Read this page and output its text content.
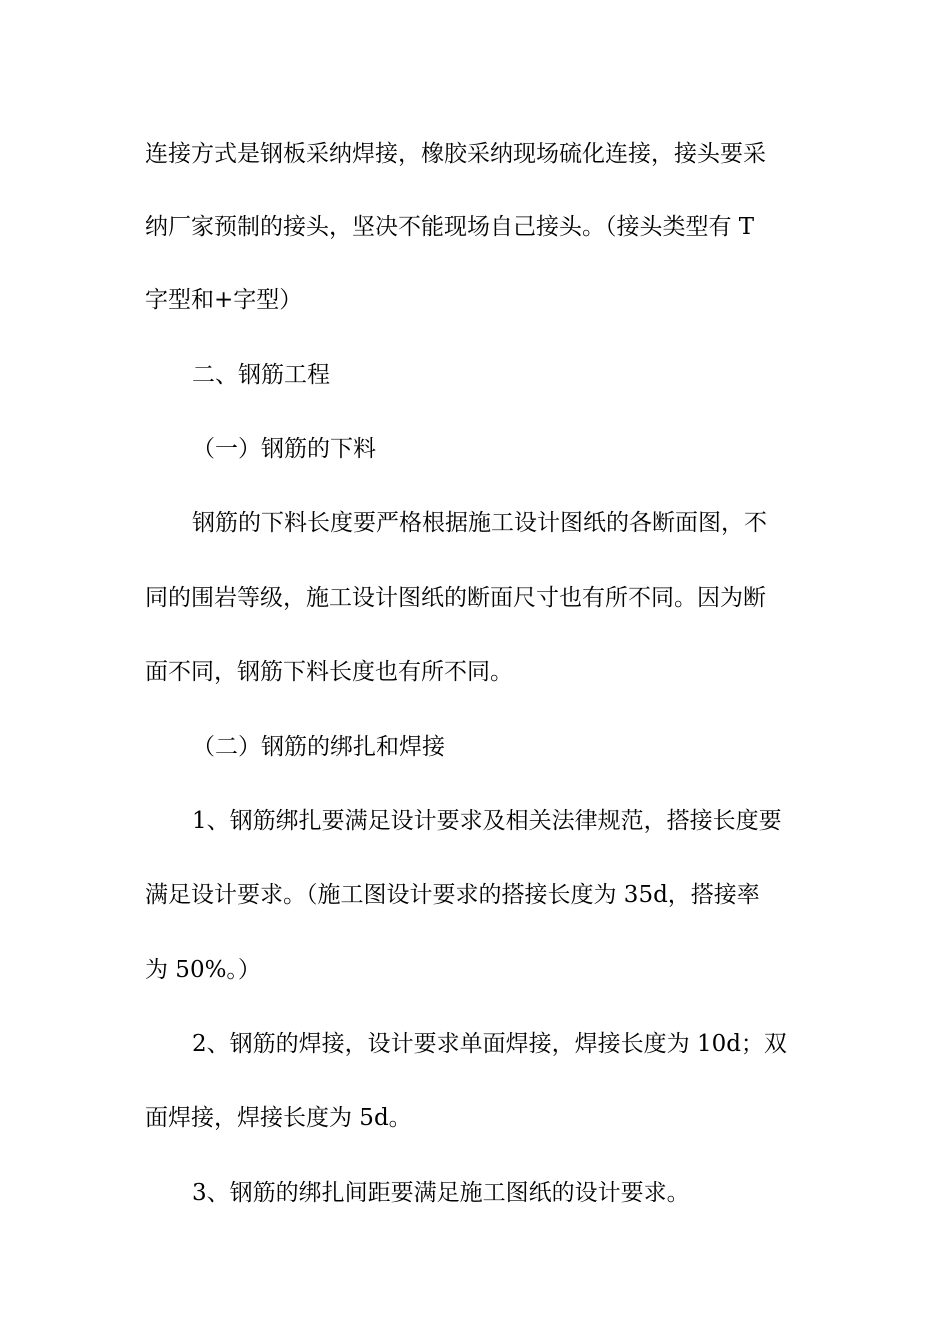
连接方式是钢板采纳焊接，橡胶采纳现场硫化连接，接头要采
纳厂家预制的接头，坚决不能现场自己接头。（接头类型有 T
字型和+字型）
二、钢筋工程
（一）钢筋的下料
钢筋的下料长度要严格根据施工设计图纸的各断面图，不
同的围岩等级，施工设计图纸的断面尺寸也有所不同。因为断
面不同，钢筋下料长度也有所不同。
（二）钢筋的绑扎和焊接
1、钢筋绑扎要满足设计要求及相关法律规范，搭接长度要
满足设计要求。（施工图设计要求的搭接长度为 35d，搭接率
为 50%。）
2、钢筋的焊接，设计要求单面焊接，焊接长度为 10d；双
面焊接，焊接长度为 5d。
3、钢筋的绑扎间距要满足施工图纸的设计要求。
